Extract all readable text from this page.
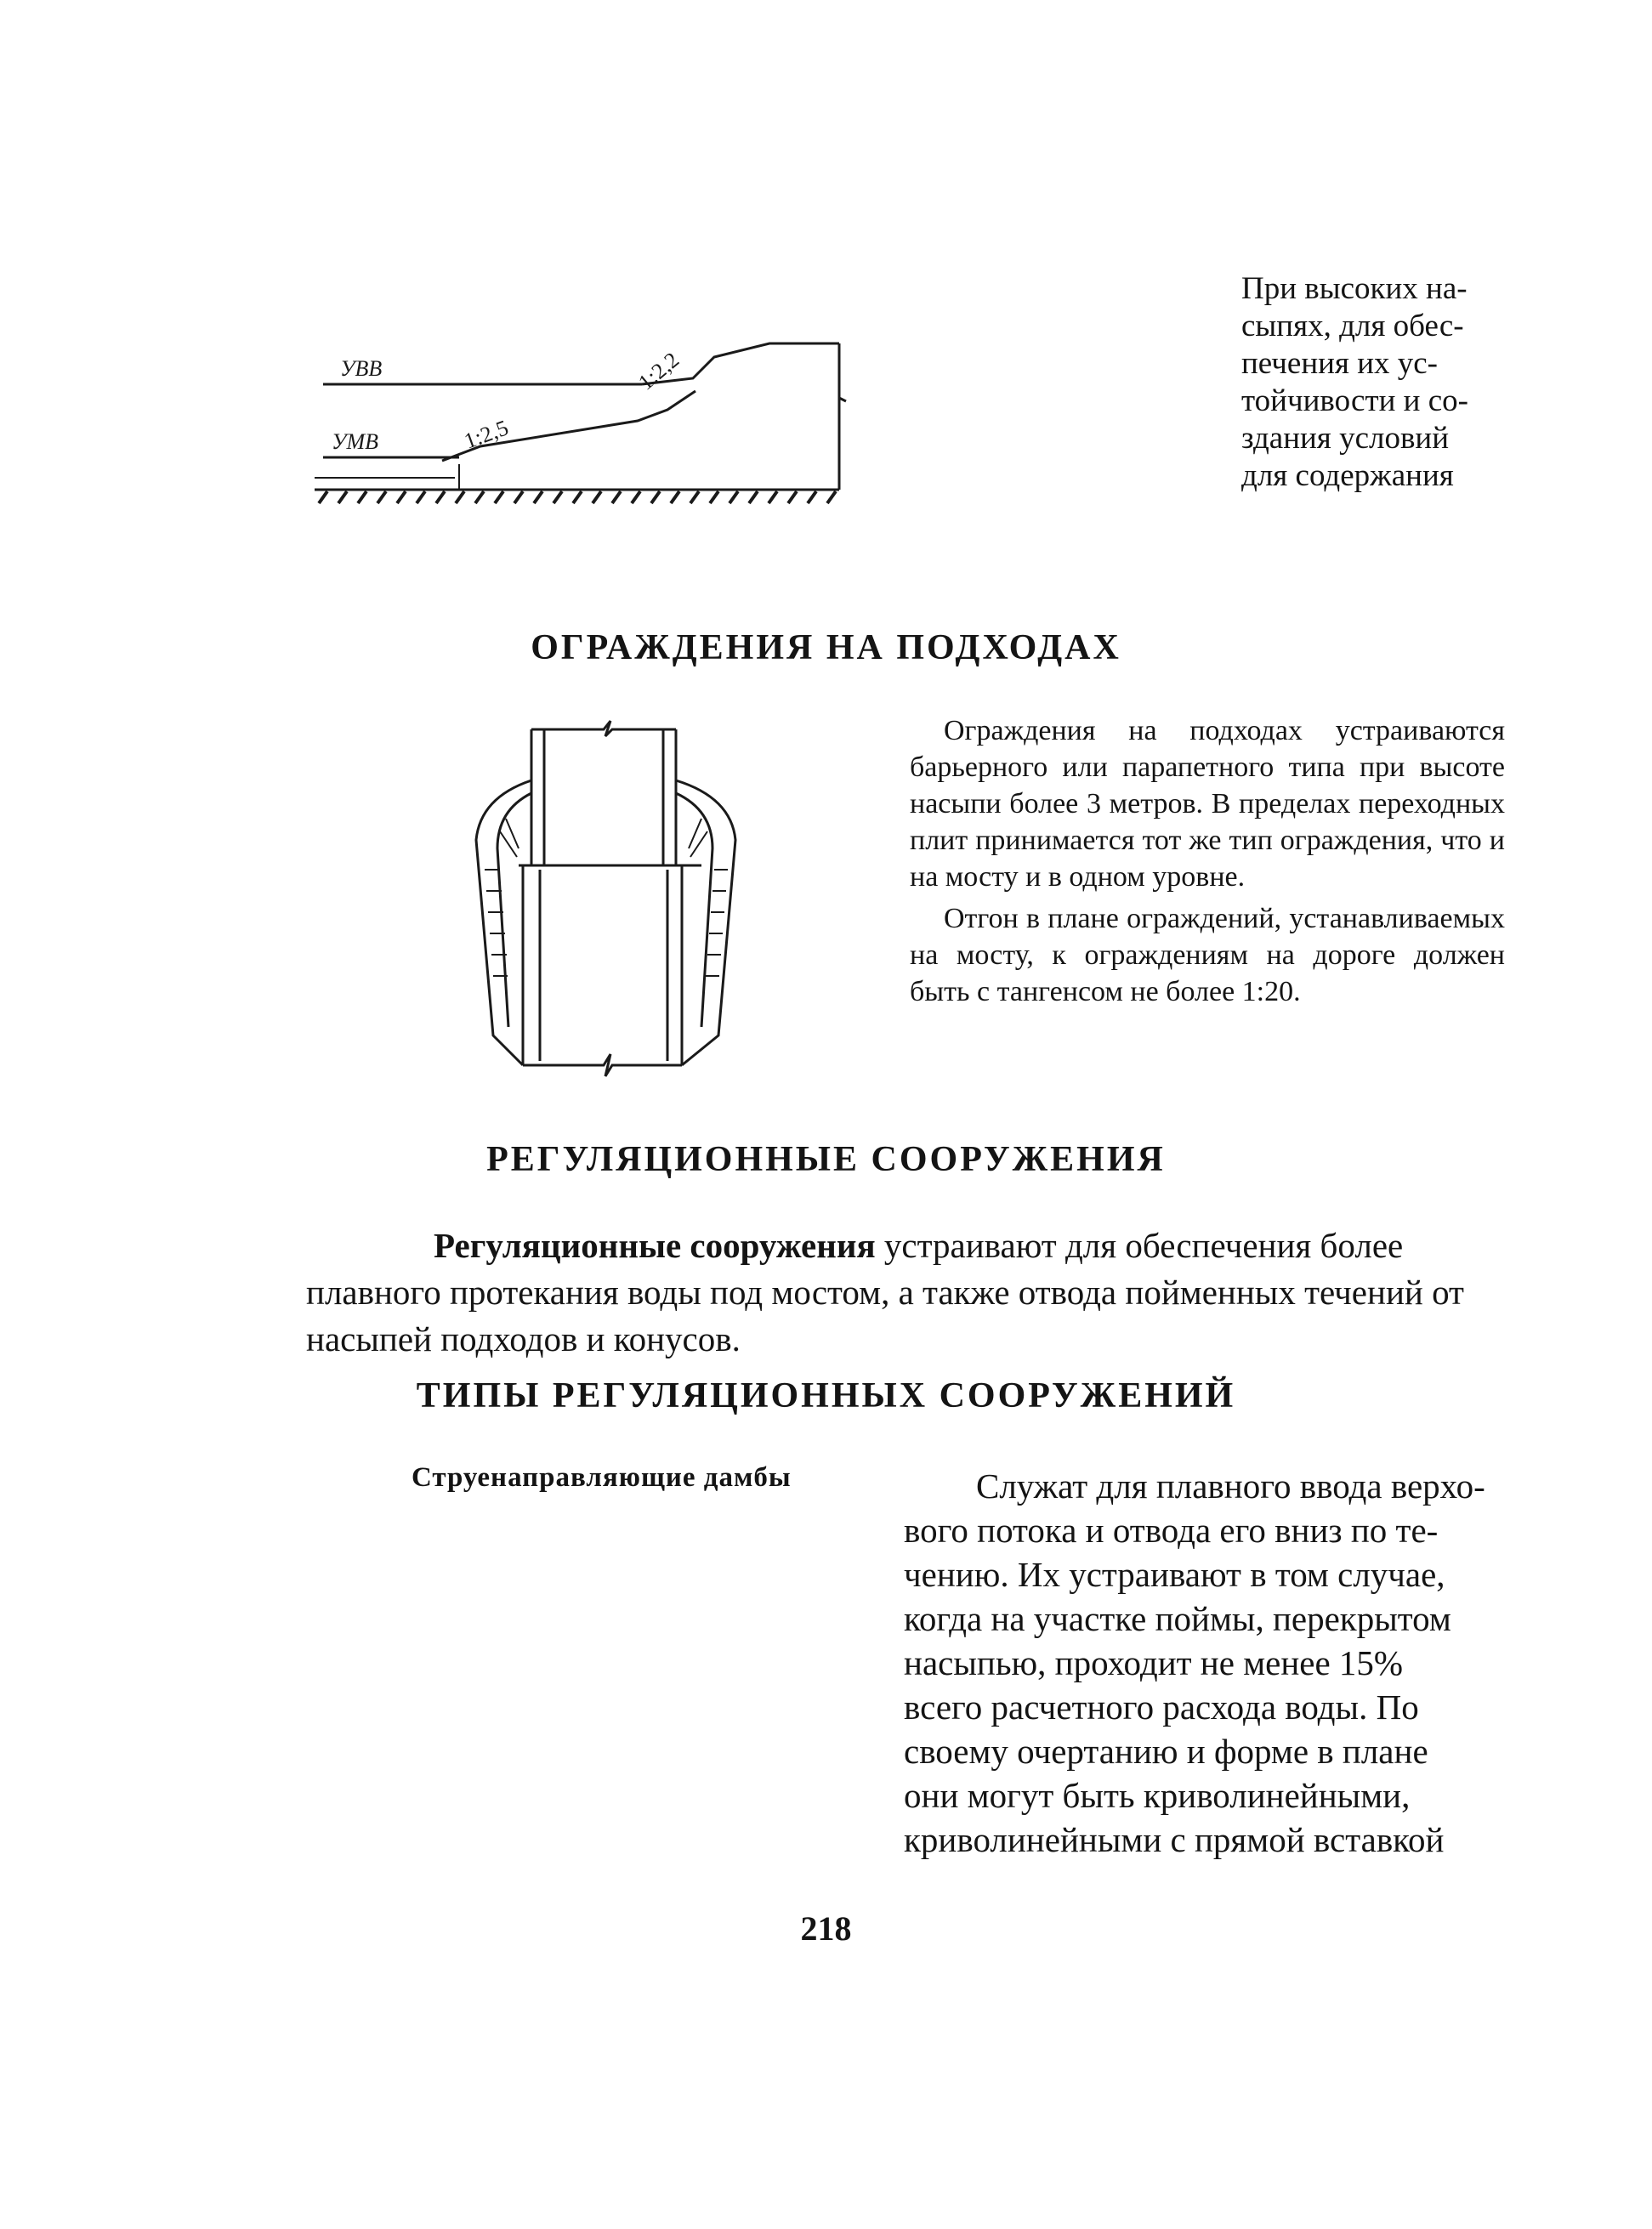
УВВ
УМВ
1:2,2
1:2,5
При высоких на-
сыпях, для обес-
печения их ус-
тойчивости и со-
здания условий
для содержания
ОГРАЖДЕНИЯ НА ПОДХОДАХ

Ограждения на подходах устраиваются барьерного или парапетного типа при высоте насыпи более 3 метров. В пределах переходных плит принимается тот же тип ограждения, что и на мосту и в одном уровне.

Отгон в плане ограждений, устанавливаемых на мосту, к ограждениям на дороге должен быть с тангенсом не более 1:20.

РЕГУЛЯЦИОННЫЕ СООРУЖЕНИЯ
Регуляционные сооружения устраивают для обеспечения более плавного протекания воды под мостом, а также отвода пойменных течений от насыпей подходов и конусов.
ТИПЫ РЕГУЛЯЦИОННЫХ СООРУЖЕНИЙ
Струенаправляющие дамбы	Служат для плавного ввода верхо-
вого потока и отвода его вниз по те-
чению. Их устраивают в том случае,
когда на участке поймы, перекрытом
насыпью, проходит не менее 15%
всего расчетного расхода воды. По
своему очертанию и форме в плане
они могут быть криволинейными,
криволинейными с прямой вставкой
218
